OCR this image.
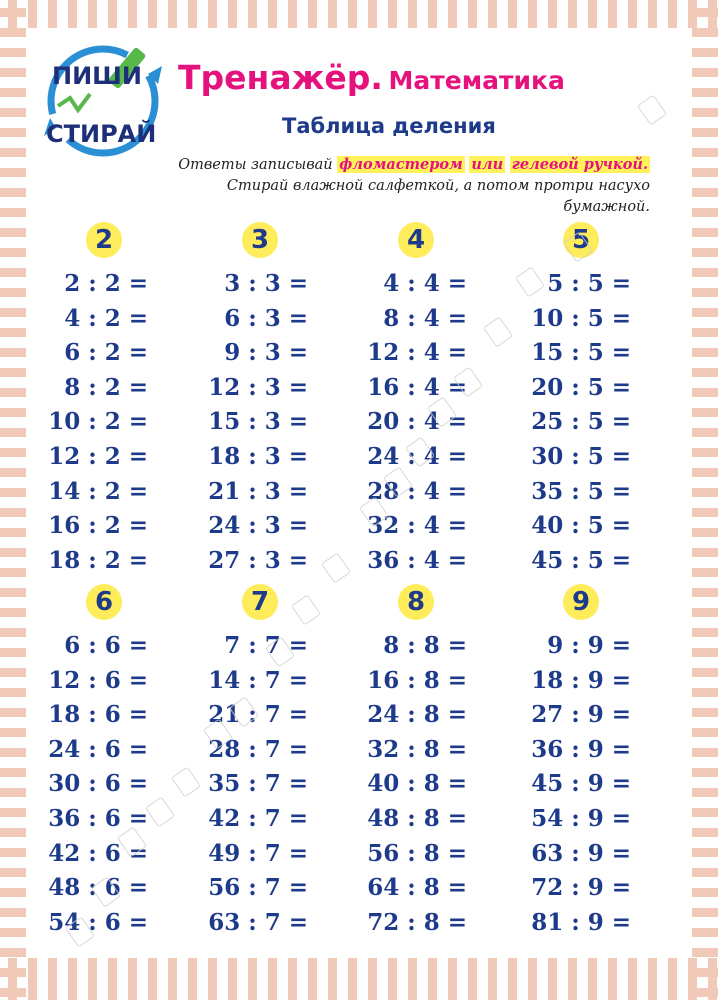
ПИШИ
СТИРАЙ
Тренажёр. Математика
Таблица деления
Ответы записывай фломастером или гелевой ручкой.
Стирай влажной салфеткой, а потом протри насухо бумажной.
2
2 : 2 =
4 : 2 =
6 : 2 =
8 : 2 =
10 : 2 =
12 : 2 =
14 : 2 =
16 : 2 =
18 : 2 =
3
3 : 3 =
6 : 3 =
9 : 3 =
12 : 3 =
15 : 3 =
18 : 3 =
21 : 3 =
24 : 3 =
27 : 3 =
4
4 : 4 =
8 : 4 =
12 : 4 =
16 : 4 =
20 : 4 =
24 : 4 =
28 : 4 =
32 : 4 =
36 : 4 =
5
5 : 5 =
10 : 5 =
15 : 5 =
20 : 5 =
25 : 5 =
30 : 5 =
35 : 5 =
40 : 5 =
45 : 5 =
6
6 : 6 =
12 : 6 =
18 : 6 =
24 : 6 =
30 : 6 =
36 : 6 =
42 : 6 =
48 : 6 =
54 : 6 =
7
7 : 7 =
14 : 7 =
21 : 7 =
28 : 7 =
35 : 7 =
42 : 7 =
49 : 7 =
56 : 7 =
63 : 7 =
8
8 : 8 =
16 : 8 =
24 : 8 =
32 : 8 =
40 : 8 =
48 : 8 =
56 : 8 =
64 : 8 =
72 : 8 =
9
9 : 9 =
18 : 9 =
27 : 9 =
36 : 9 =
45 : 9 =
54 : 9 =
63 : 9 =
72 : 9 =
81 : 9 =
